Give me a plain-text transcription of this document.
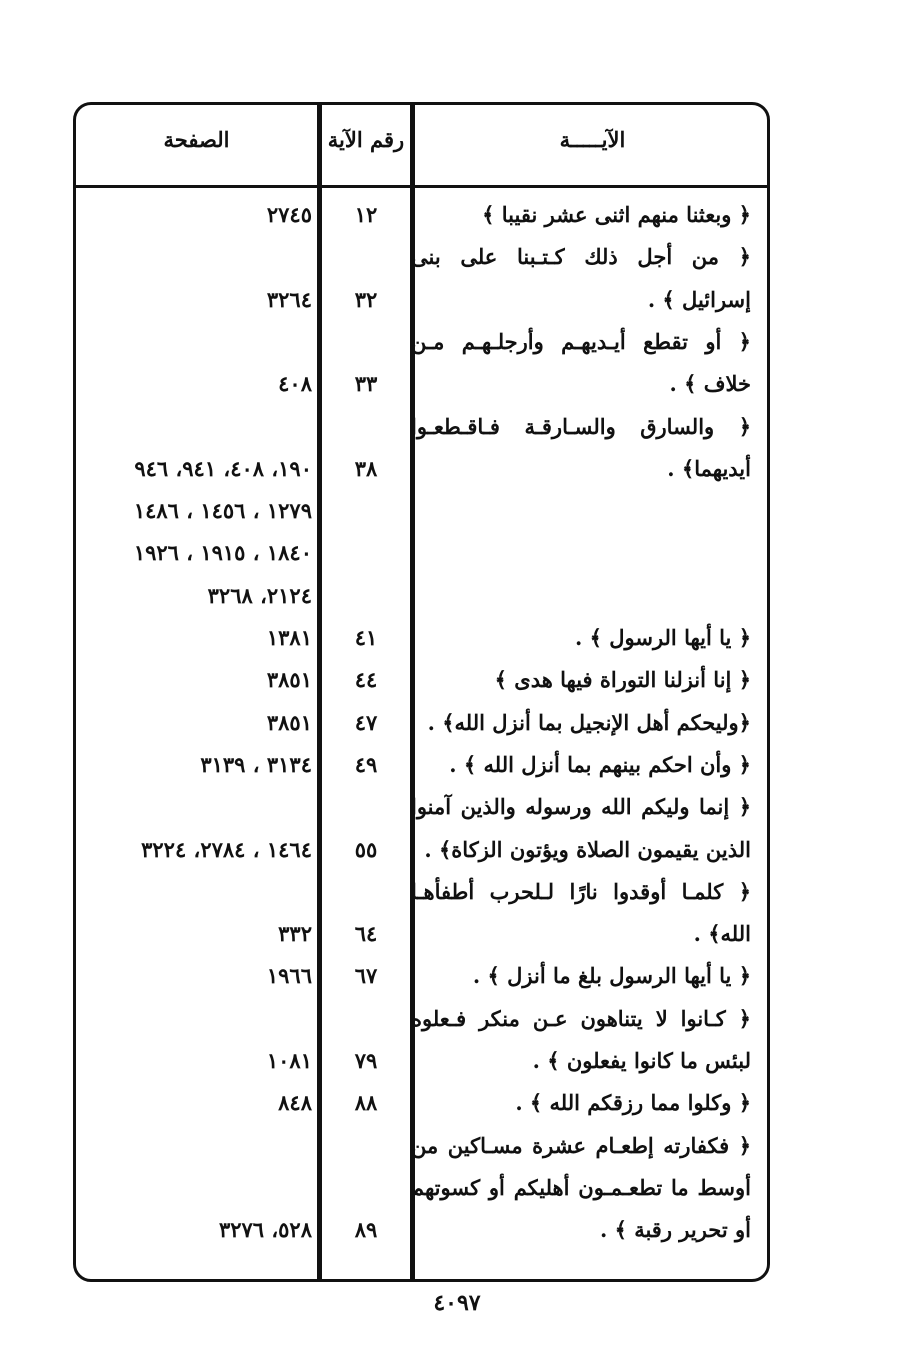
الصفحة	رقم الآية	الآيـــــة
﴿ وبعثنا منهم اثنى عشر نقيبا ﴾
١٢
٢٧٤٥
﴿ من أجل ذلك كـتـبنا على بنى
إسرائيل ﴾ .
٣٢
٣٢٦٤
﴿ أو تقطع أيـديهـم وأرجلـهـم مـن
خلاف ﴾ .
٣٣
٤٠٨
﴿ والسارق والسـارقـة فـاقـطعـوا
أيديهما﴾ .
٣٨
١٩٠، ٤٠٨، ٩٤١، ٩٤٦
١٢٧٩ ، ١٤٥٦ ، ١٤٨٦
١٨٤٠ ، ١٩١٥ ، ١٩٢٦
٢١٢٤، ٣٢٦٨
﴿ يا أيها الرسول ﴾ .
٤١
١٣٨١
﴿ إنا أنزلنا التوراة فيها هدى ﴾
٤٤
٣٨٥١
﴿وليحكم أهل الإنجيل بما أنزل الله﴾ .
٤٧
٣٨٥١
﴿ وأن احكم بينهم بما أنزل الله ﴾ .
٤٩
٣١٣٤ ، ٣١٣٩
﴿ إنما وليكم الله ورسوله والذين آمنوا
الذين يقيمون الصلاة ويؤتون الزكاة﴾ .
٥٥
١٤٦٤ ، ٢٧٨٤، ٣٢٢٤
﴿ كلمـا أوقدوا نارًا لـلحرب أطفأهـا
الله﴾ .
٦٤
٣٣٢
﴿ يا أيها الرسول بلغ ما أنزل ﴾ .
٦٧
١٩٦٦
﴿ كـانوا لا يتناهون عـن منكر فـعلوه
لبئس ما كانوا يفعلون ﴾ .
٧٩
١٠٨١
﴿ وكلوا مما رزقكم الله ﴾ .
٨٨
٨٤٨
﴿ فكفارته إطعـام عشرة مسـاكين من
أوسط ما تطعـمـون أهليكم أو كسوتهم
أو تحرير رقبة ﴾ .
٨٩
٥٢٨، ٣٢٧٦
٤٠٩٧
